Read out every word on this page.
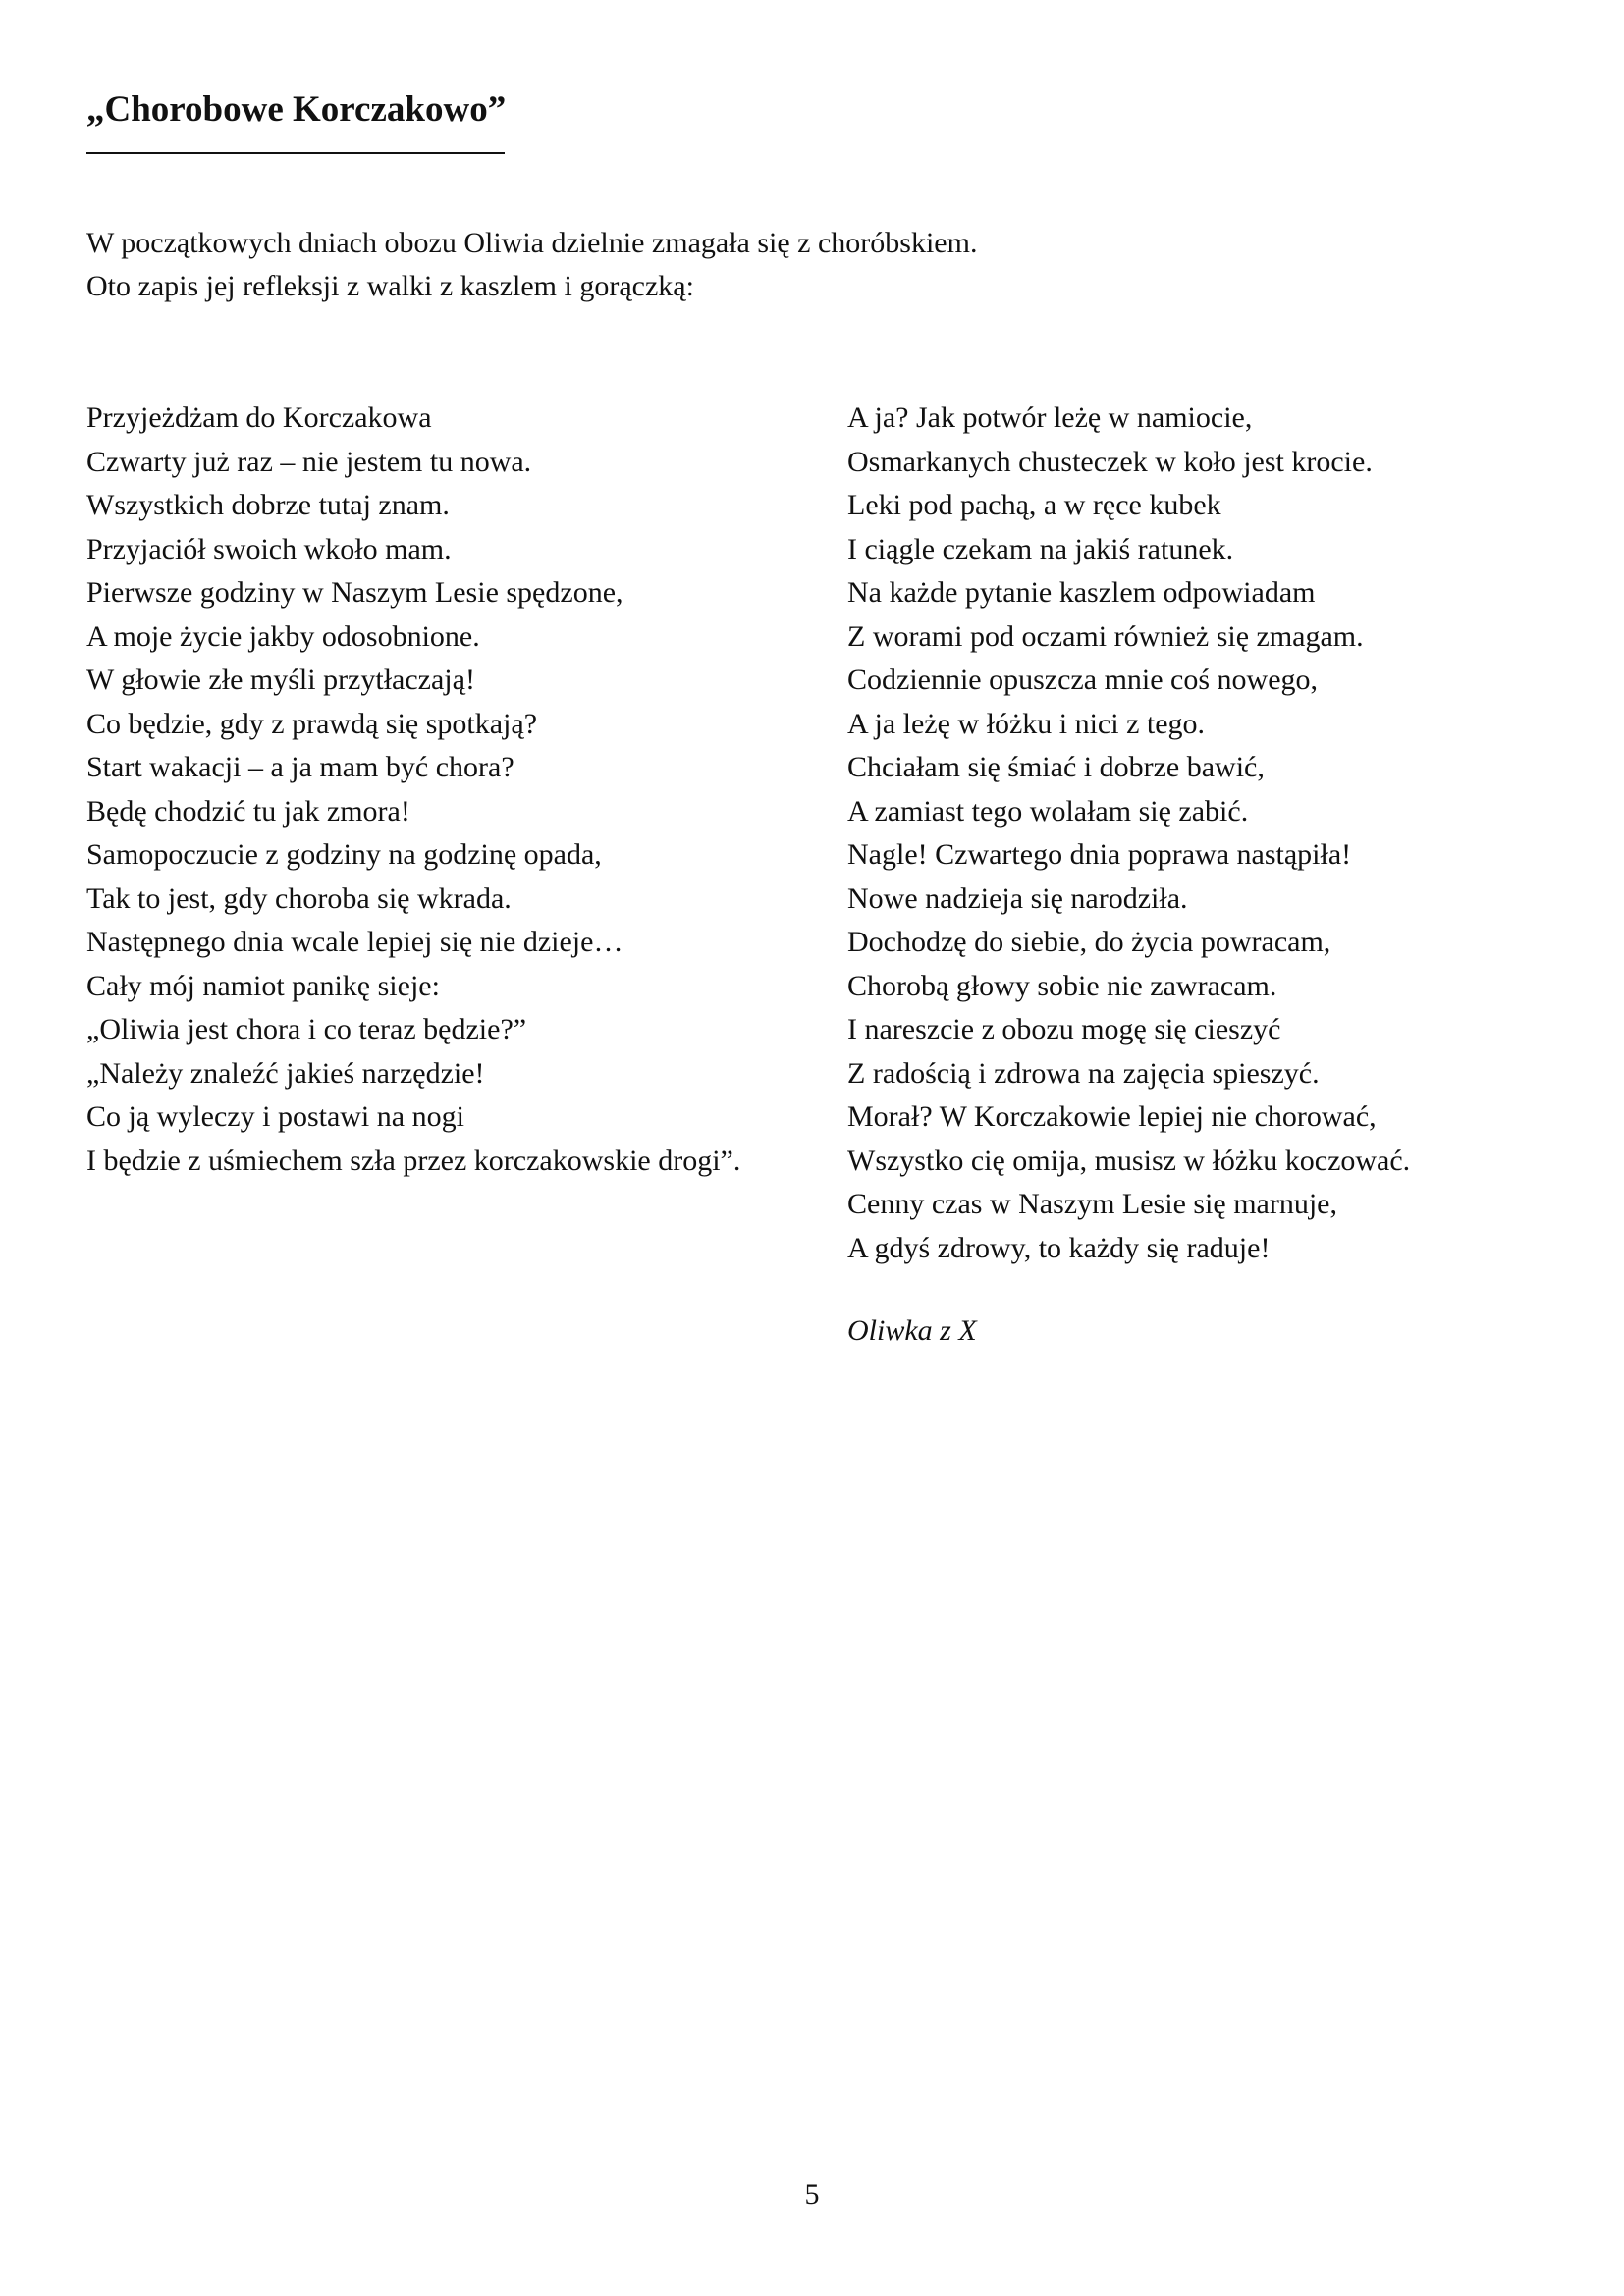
„Chorobowe Korczakowo”

W początkowych dniach obozu Oliwia dzielnie zmagała się z choróbskiem.

Oto zapis jej refleksji z walki z kaszlem i gorączką:

Przyjeżdżam do Korczakowa
Czwarty już raz – nie jestem tu nowa.
Wszystkich dobrze tutaj znam.
Przyjaciół swoich wkoło mam.
Pierwsze godziny w Naszym Lesie spędzone,
A moje życie jakby odosobnione.
W głowie złe myśli przytłaczają!
Co będzie, gdy z prawdą się spotkają?
Start wakacji – a ja mam być chora?
Będę chodzić tu jak zmora!
Samopoczucie z godziny na godzinę opada,
Tak to jest, gdy choroba się wkrada.
Następnego dnia wcale lepiej się nie dzieje…
Cały mój namiot panikę sieje:
„Oliwia jest chora i co teraz będzie?”
„Należy znaleźć jakieś narzędzie!
Co ją wyleczy i postawi na nogi
I będzie z uśmiechem szła przez korczakowskie drogi”.
A ja? Jak potwór leżę w namiocie,
Osmarkanych chusteczek w koło jest krocie.
Leki pod pachą, a w ręce kubek
I ciągle czekam na jakiś ratunek.
Na każde pytanie kaszlem odpowiadam
Z worami pod oczami również się zmagam.
Codziennie opuszcza mnie coś nowego,
A ja leżę w łóżku i nici z tego.
Chciałam się śmiać i dobrze bawić,
A zamiast tego wolałam się zabić.
Nagle! Czwartego dnia poprawa nastąpiła!
Nowe nadzieja się narodziła.
Dochodzę do siebie, do życia powracam,
Chorobą głowy sobie nie zawracam.
I nareszcie z obozu mogę się cieszyć
Z radością i zdrowa na zajęcia spieszyć.
Morał? W Korczakowie lepiej nie chorować,
Wszystko cię omija, musisz w łóżku koczować.
Cenny czas w Naszym Lesie się marnuje,
A gdyś zdrowy, to każdy się raduje!

Oliwka z X

5
